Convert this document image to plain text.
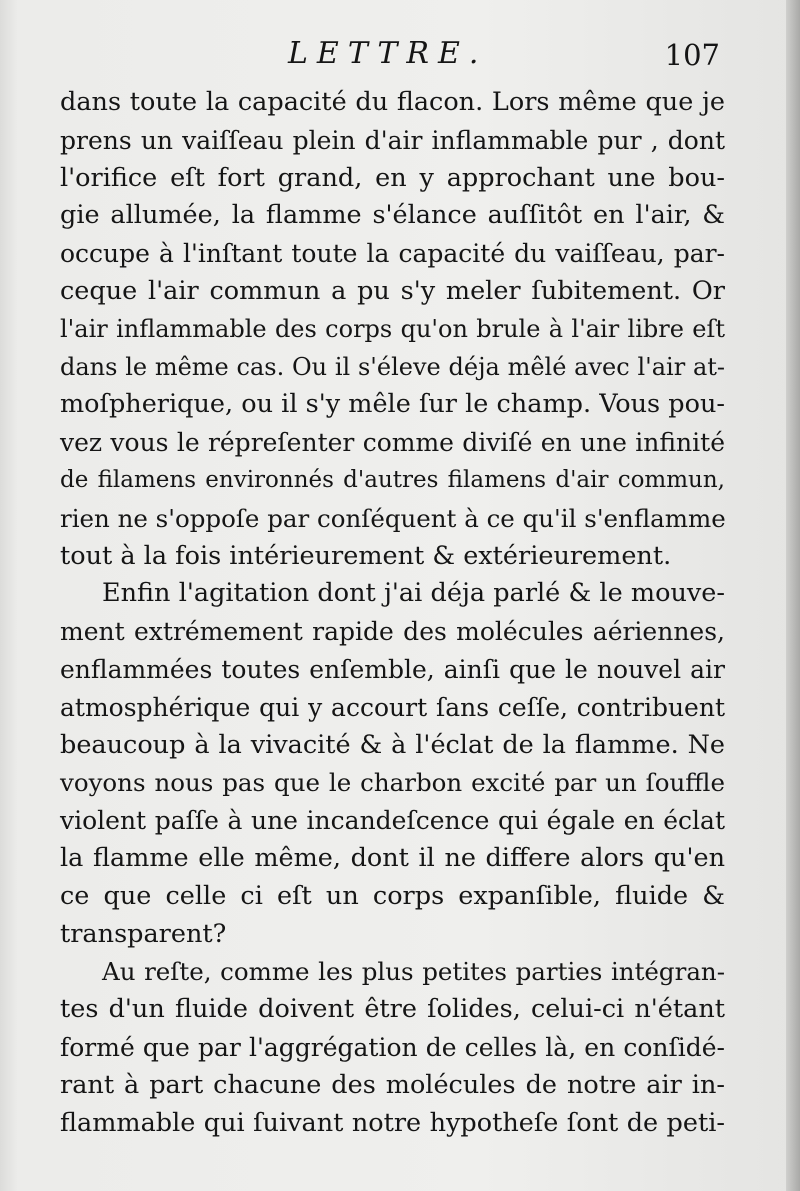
LETTRE.	107
dans toute la capacité du flacon. Lors même que je
prens un vaiſſeau plein d'air inflammable pur , dont
l'orifice eſt fort grand, en y approchant une bou-
gie allumée, la flamme s'élance auſſitôt en l'air, &
occupe à l'inſtant toute la capacité du vaiſſeau, par-
ceque l'air commun a pu s'y meler ſubitement. Or
l'air inflammable des corps qu'on brule à l'air libre eſt
dans le même cas. Ou il s'éleve déja mêlé avec l'air at-
moſpherique, ou il s'y mêle ſur le champ. Vous pou-
vez vous le répreſenter comme diviſé en une infinité
de filamens environnés d'autres filamens d'air commun,
rien ne s'oppoſe par conſéquent à ce qu'il s'enflamme
tout à la fois intérieurement & extérieurement.
Enfin l'agitation dont j'ai déja parlé & le mouve-
ment extrémement rapide des molécules aériennes,
enflammées toutes enſemble, ainſi que le nouvel air
atmosphérique qui y accourt ſans ceſſe, contribuent
beaucoup à la vivacité & à l'éclat de la flamme. Ne
voyons nous pas que le charbon excité par un ſouffle
violent paſſe à une incandeſcence qui égale en éclat
la flamme elle même, dont il ne differe alors qu'en
ce que celle ci eſt un corps expanſible, fluide &
transparent?
Au reſte, comme les plus petites parties intégran-
tes d'un fluide doivent être ſolides, celui-ci n'étant
formé que par l'aggrégation de celles là, en conſidé-
rant à part chacune des molécules de notre air in-
flammable qui ſuivant notre hypotheſe ſont de peti-
